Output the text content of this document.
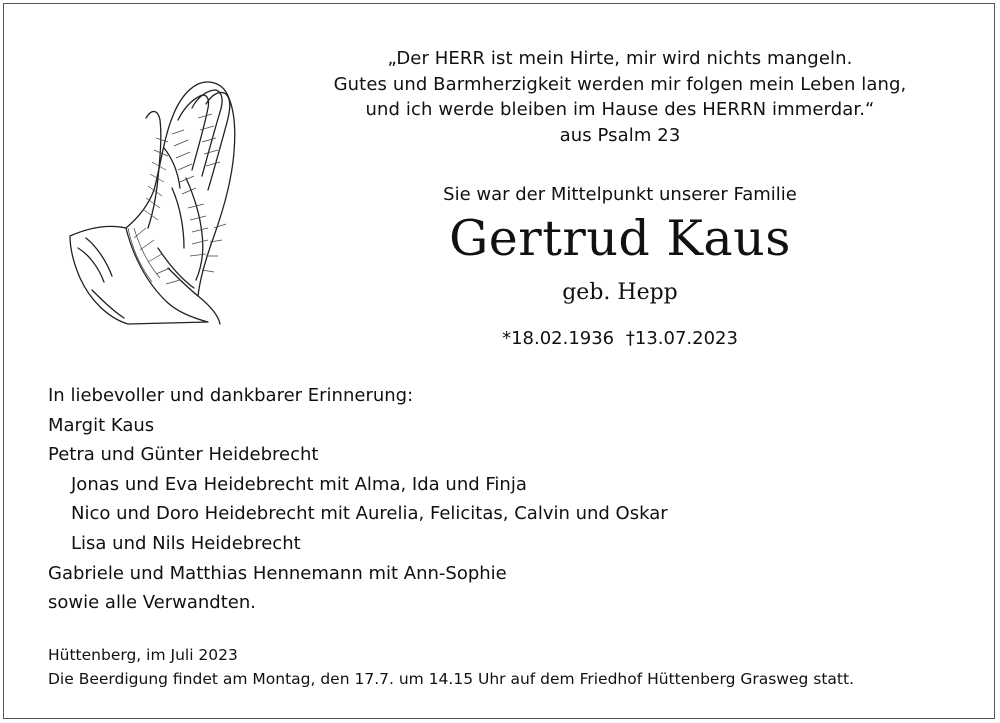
„Der HERR ist mein Hirte, mir wird nichts mangeln.
Gutes und Barmherzigkeit werden mir folgen mein Leben lang,
und ich werde bleiben im Hause des HERRN immerdar.“
aus Psalm 23
Sie war der Mittelpunkt unserer Familie
Gertrud Kaus
geb. Hepp
*18.02.1936 †13.07.2023
In liebevoller und dankbarer Erinnerung:
Margit Kaus
Petra und Günter Heidebrecht
Jonas und Eva Heidebrecht mit Alma, Ida und Finja
Nico und Doro Heidebrecht mit Aurelia, Felicitas, Calvin und Oskar
Lisa und Nils Heidebrecht
Gabriele und Matthias Hennemann mit Ann-Sophie
sowie alle Verwandten.
Hüttenberg, im Juli 2023
Die Beerdigung findet am Montag, den 17.7. um 14.15 Uhr auf dem Friedhof Hüttenberg Grasweg statt.
